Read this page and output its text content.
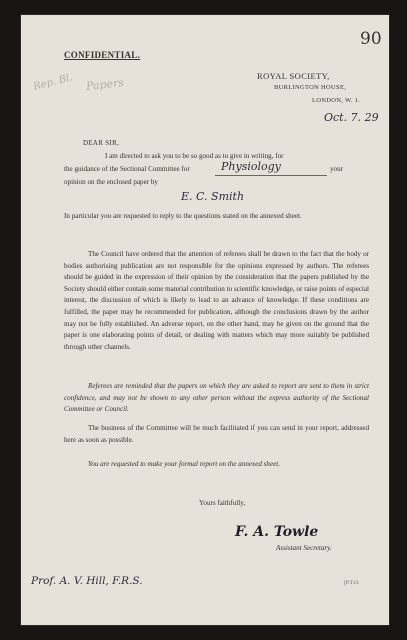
90
CONFIDENTIAL.
Rep. Bl. Papers
ROYAL SOCIETY,
BURLINGTON HOUSE,
LONDON, W. 1.
Oct. 7. 29
DEAR SIR,
I am directed to ask you to be so good as to give in writing, for
the guidance of the Sectional Committee for	Physiology	your
opinion on the enclosed paper by
E. C. Smith
In particular you are requested to reply to the questions stated on the annexed sheet.
The Council have ordered that the attention of referees shall be drawn to the fact that the body or bodies authorising publication are not responsible for the opinions expressed by authors. The referees should be guided in the expression of their opinion by the consideration that the papers published by the Society should either contain some material contribution to scientific knowledge, or raise points of especial interest, the discussion of which is likely to lead to an advance of knowledge. If these conditions are fulfilled, the paper may be recommended for publication, although the conclusions drawn by the author may not be fully established. An adverse report, on the other hand, may be given on the ground that the paper is one elaborating points of detail, or dealing with matters which may more suitably be published through other channels.
Referees are reminded that the papers on which they are asked to report are sent to them in strict confidence, and may not be shown to any other person without the express authority of the Sectional Committee or Council.
The business of the Committee will be much facilitated if you can send in your report, addressed here as soon as possible.
You are requested to make your formal report on the annexed sheet.
Yours faithfully,
F. A. Towle
Assistant Secretary.
Prof. A. V. Hill, F.R.S.	[P.T.O.
